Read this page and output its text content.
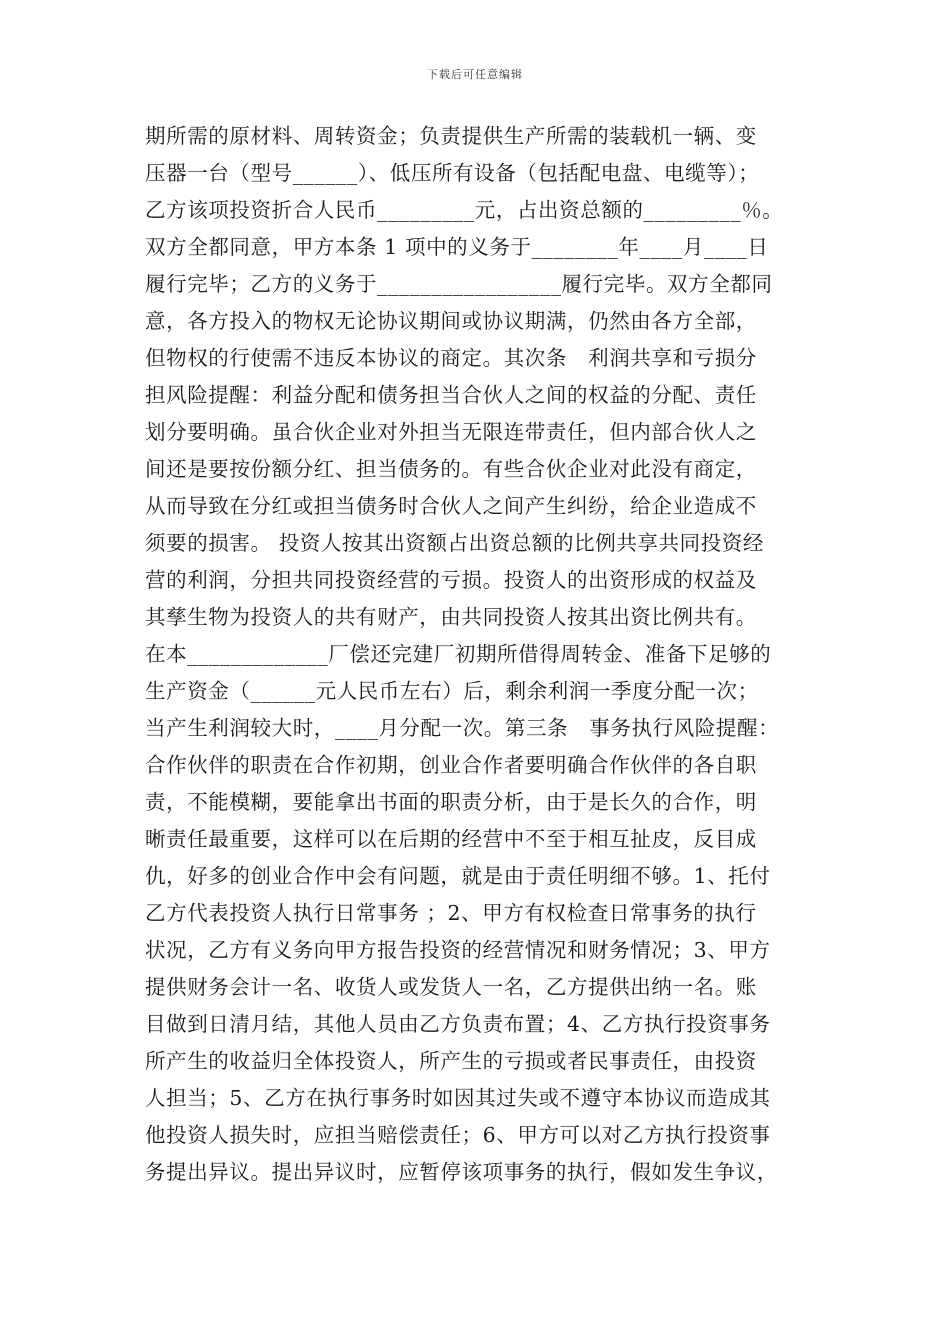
下载后可任意编辑
期所需的原材料、周转资金；负责提供生产所需的装载机一辆、变
压器一台（型号______）、低压所有设备（包括配电盘、电缆等）；
乙方该项投资折合人民币_________元，占出资总额的_________％。
双方全都同意，甲方本条 1 项中的义务于________年____月____日
履行完毕；乙方的义务于_________________履行完毕。双方全都同
意，各方投入的物权无论协议期间或协议期满，仍然由各方全部，
但物权的行使需不违反本协议的商定。其次条　利润共享和亏损分
担风险提醒：利益分配和债务担当合伙人之间的权益的分配、责任
划分要明确。虽合伙企业对外担当无限连带责任，但内部合伙人之
间还是要按份额分红、担当债务的。有些合伙企业对此没有商定，
从而导致在分红或担当债务时合伙人之间产生纠纷，给企业造成不
须要的损害。 投资人按其出资额占出资总额的比例共享共同投资经
营的利润，分担共同投资经营的亏损。投资人的出资形成的权益及
其孳生物为投资人的共有财产，由共同投资人按其出资比例共有。
在本_____________厂偿还完建厂初期所借得周转金、准备下足够的
生产资金（______元人民币左右）后，剩余利润一季度分配一次；
当产生利润较大时，____月分配一次。第三条　事务执行风险提醒：
合作伙伴的职责在合作初期，创业合作者要明确合作伙伴的各自职
责，不能模糊，要能拿出书面的职责分析，由于是长久的合作，明
晰责任最重要，这样可以在后期的经营中不至于相互扯皮，反目成
仇，好多的创业合作中会有问题，就是由于责任明细不够。1、托付
乙方代表投资人执行日常事务 ；2、甲方有权检查日常事务的执行
状况，乙方有义务向甲方报告投资的经营情况和财务情况；3、甲方
提供财务会计一名、收货人或发货人一名，乙方提供出纳一名。账
目做到日清月结，其他人员由乙方负责布置；4、乙方执行投资事务
所产生的收益归全体投资人，所产生的亏损或者民事责任，由投资
人担当；5、乙方在执行事务时如因其过失或不遵守本协议而造成其
他投资人损失时，应担当赔偿责任；6、甲方可以对乙方执行投资事
务提出异议。提出异议时，应暂停该项事务的执行，假如发生争议，
